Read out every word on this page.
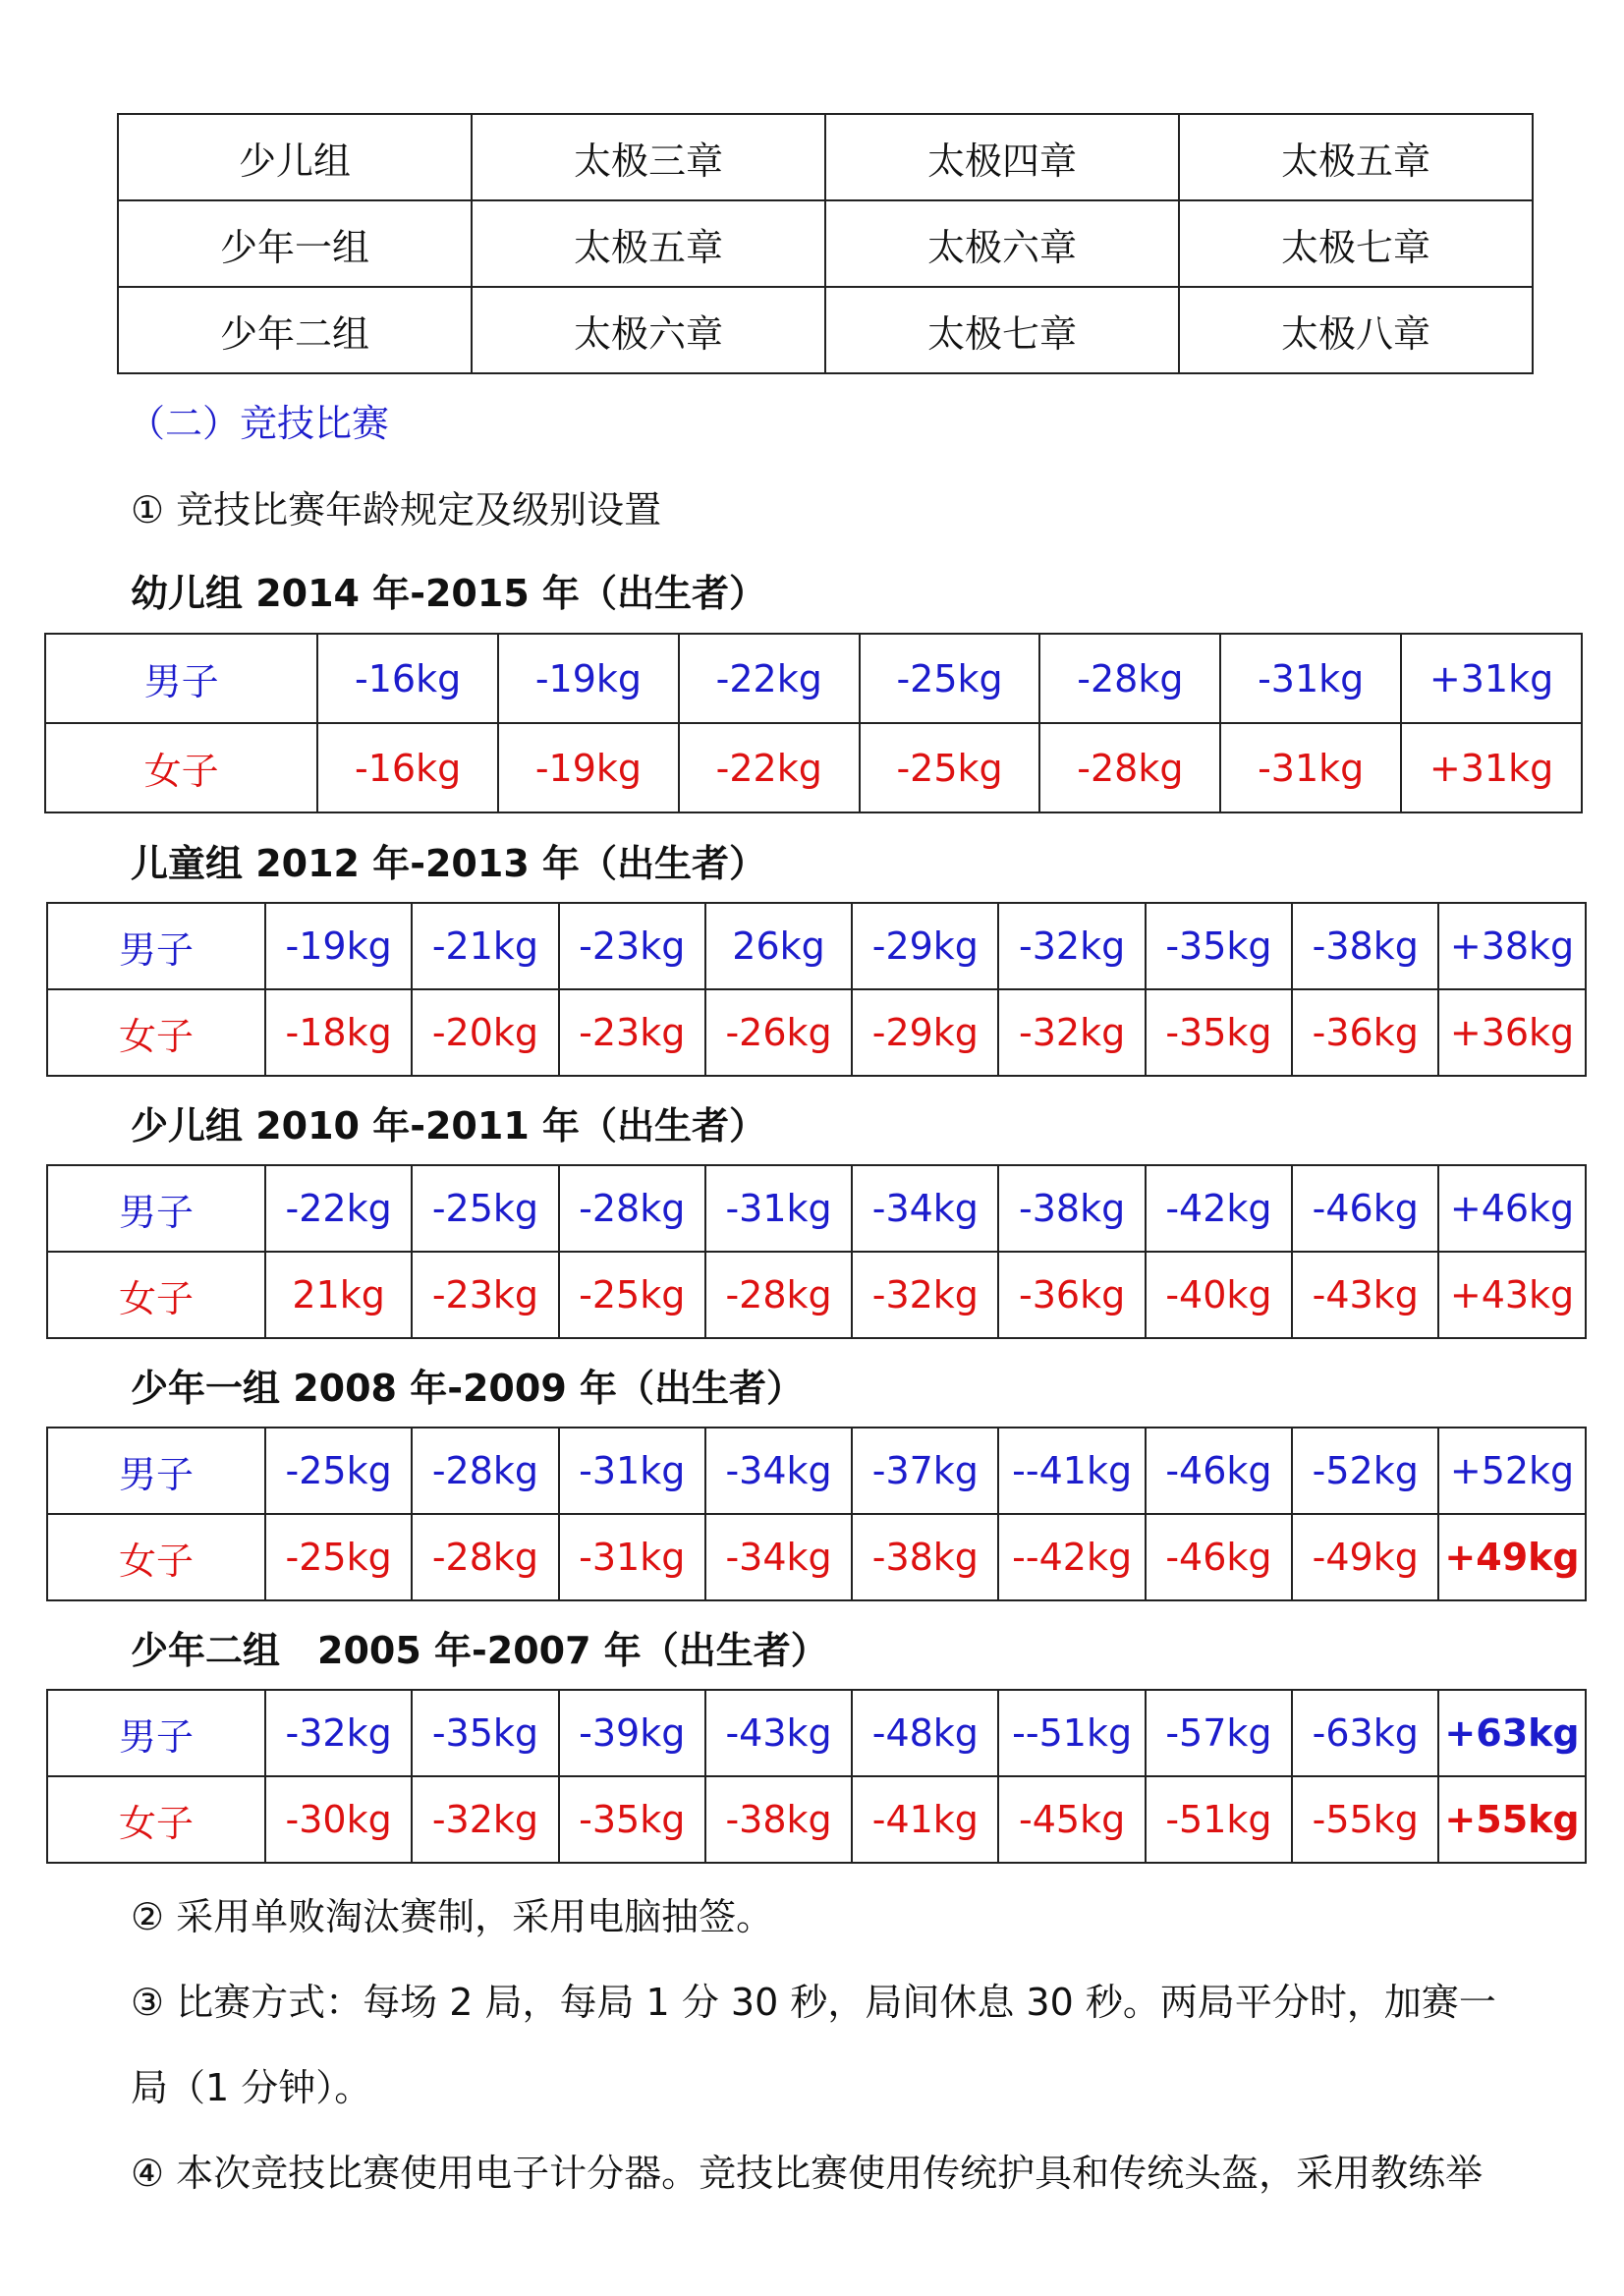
少儿组	太极三章	太极四章	太极五章
少年一组	太极五章	太极六章	太极七章
少年二组	太极六章	太极七章	太极八章
（二）竞技比赛
① 竞技比赛年龄规定及级别设置
幼儿组 2014 年-2015 年（出生者）
男子	-16kg	-19kg	-22kg	-25kg	-28kg	-31kg	+31kg
女子	-16kg	-19kg	-22kg	-25kg	-28kg	-31kg	+31kg
儿童组 2012 年-2013 年（出生者）
男子	-19kg	-21kg	-23kg	26kg	-29kg	-32kg	-35kg	-38kg	+38kg
女子	-18kg	-20kg	-23kg	-26kg	-29kg	-32kg	-35kg	-36kg	+36kg
少儿组 2010 年-2011 年（出生者）
男子	-22kg	-25kg	-28kg	-31kg	-34kg	-38kg	-42kg	-46kg	+46kg
女子	21kg	-23kg	-25kg	-28kg	-32kg	-36kg	-40kg	-43kg	+43kg
少年一组 2008 年-2009 年（出生者）
男子	-25kg	-28kg	-31kg	-34kg	-37kg	--41kg	-46kg	-52kg	+52kg
女子	-25kg	-28kg	-31kg	-34kg	-38kg	--42kg	-46kg	-49kg	+49kg
少年二组　2005 年-2007 年（出生者）
男子	-32kg	-35kg	-39kg	-43kg	-48kg	--51kg	-57kg	-63kg	+63kg
女子	-30kg	-32kg	-35kg	-38kg	-41kg	-45kg	-51kg	-55kg	+55kg
② 采用单败淘汰赛制，采用电脑抽签。
③ 比赛方式：每场 2 局，每局 1 分 30 秒，局间休息 30 秒。两局平分时，加赛一
局（1 分钟）。
④ 本次竞技比赛使用电子计分器。竞技比赛使用传统护具和传统头盔，采用教练举
